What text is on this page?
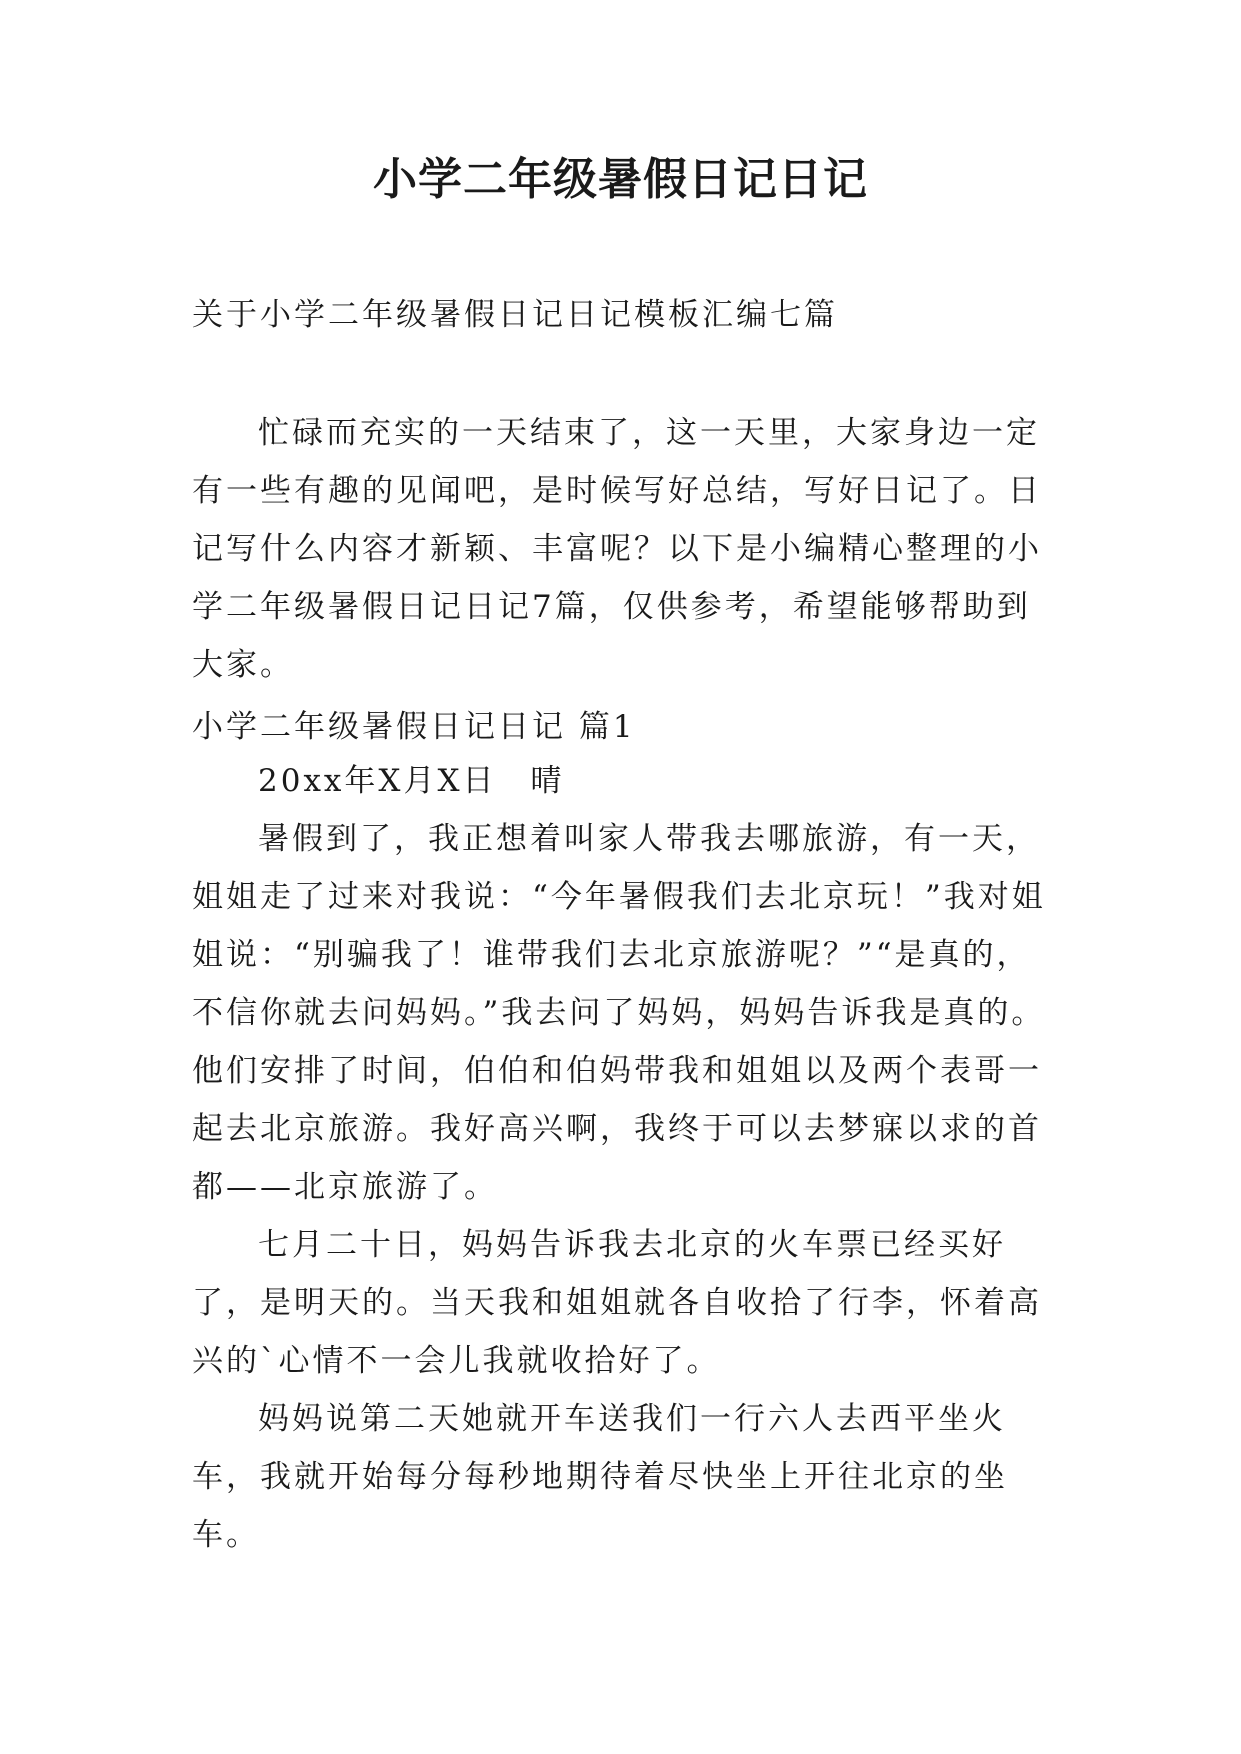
小学二年级暑假日记日记

关于小学二年级暑假日记日记模板汇编七篇

忙碌而充实的一天结束了，这一天里，大家身边一定有一些有趣的见闻吧，是时候写好总结，写好日记了。日记写什么内容才新颖、丰富呢？以下是小编精心整理的小学二年级暑假日记日记7篇，仅供参考，希望能够帮助到大家。

小学二年级暑假日记日记 篇1

20xx年X月X日　晴

暑假到了，我正想着叫家人带我去哪旅游，有一天，姐姐走了过来对我说：“今年暑假我们去北京玩！”我对姐姐说：“别骗我了！谁带我们去北京旅游呢？”“是真的，不信你就去问妈妈。”我去问了妈妈，妈妈告诉我是真的。他们安排了时间，伯伯和伯妈带我和姐姐以及两个表哥一起去北京旅游。我好高兴啊，我终于可以去梦寐以求的首都——北京旅游了。

七月二十日，妈妈告诉我去北京的火车票已经买好了，是明天的。当天我和姐姐就各自收拾了行李，怀着高兴的`心情不一会儿我就收拾好了。

妈妈说第二天她就开车送我们一行六人去西平坐火车，我就开始每分每秒地期待着尽快坐上开往北京的坐车。
